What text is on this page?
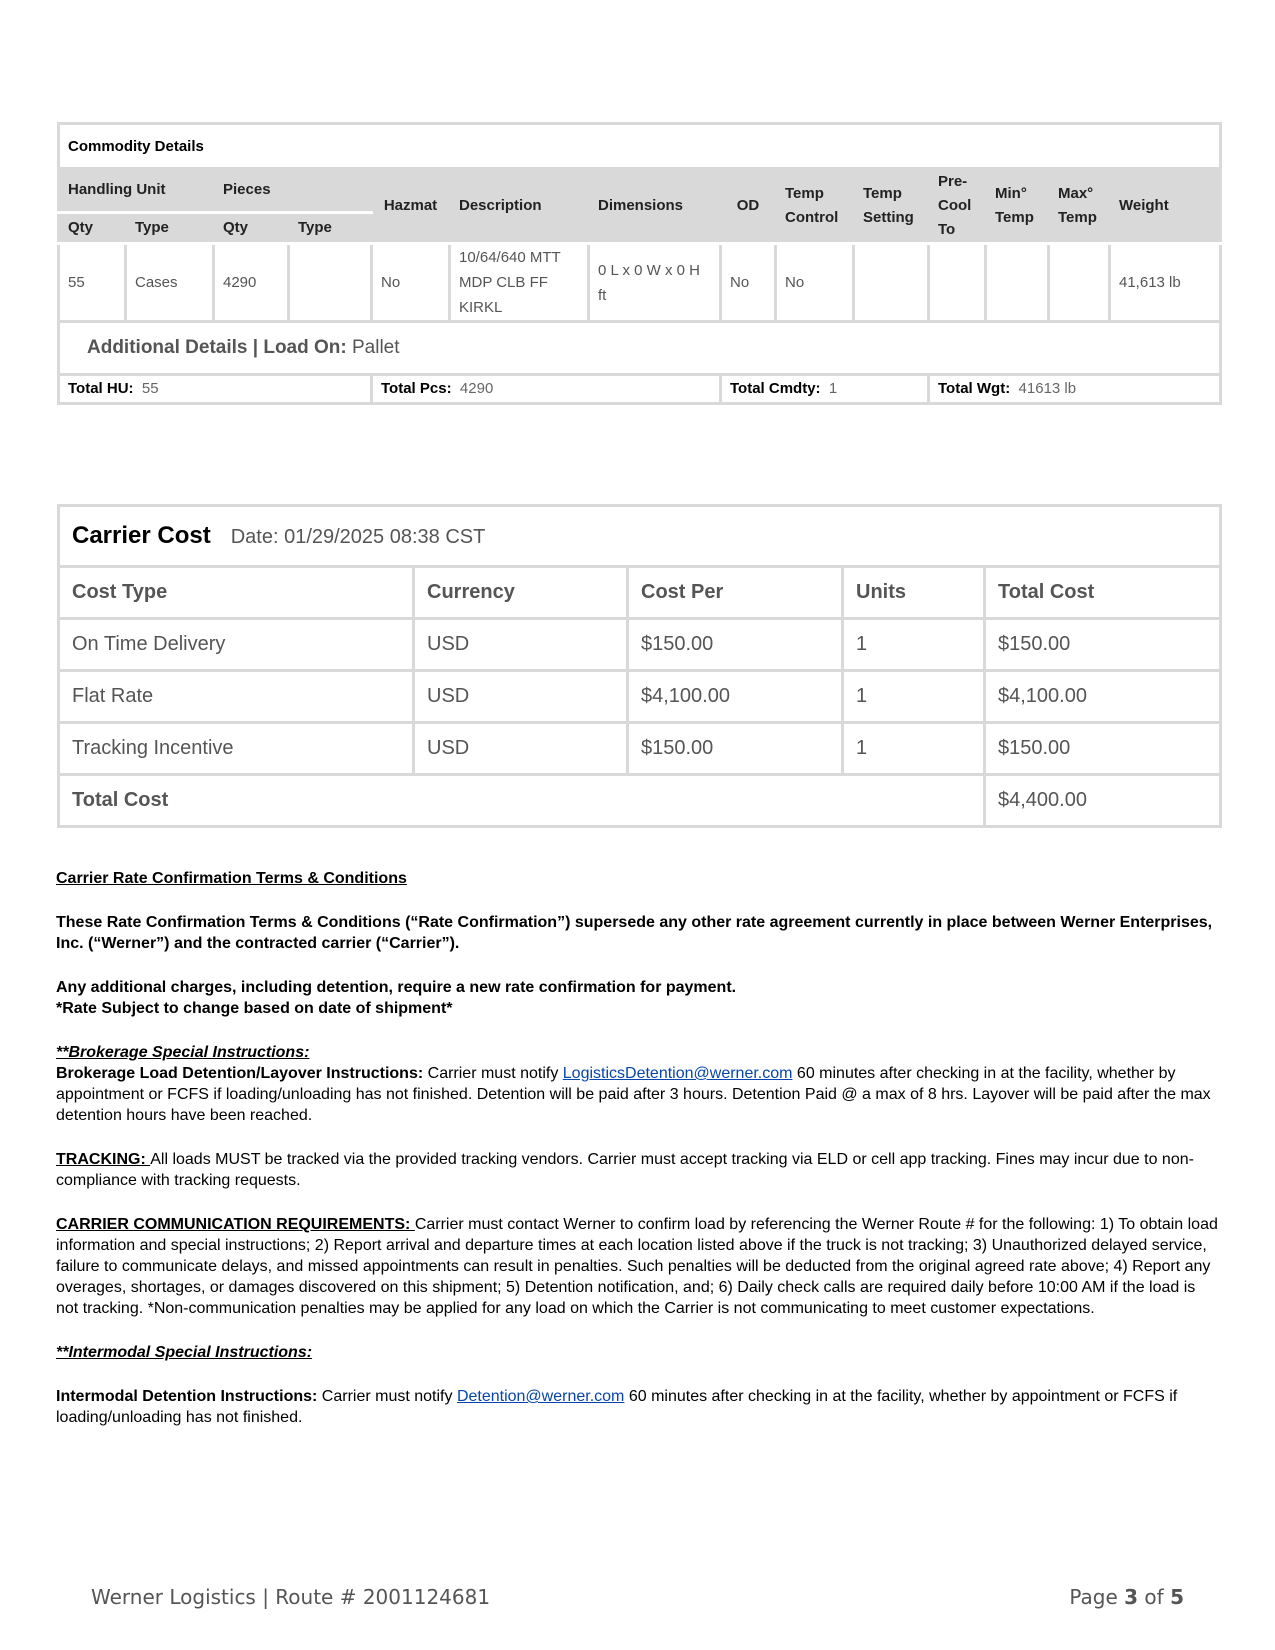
Commodity Details													
Handling Unit		Pieces		Hazmat	Description	Dimensions	OD	Temp Control	Temp Setting	Pre-Cool To	Min° Temp	Max° Temp	Weight
Qty	Type	Qty	Type										
55	Cases	4290		No	10/64/640 MTT MDP CLB FF KIRKL	0 L x 0 W x 0 H ft	No	No					41,613 lb
Additional Details | Load On: Pallet													
Total HU: 55				Total Pcs: 4290			Total Cmdty: 1			Total Wgt: 41613 lb			
Carrier Cost Date: 01/29/2025 08:38 CST				
Cost Type	Currency	Cost Per	Units	Total Cost
On Time Delivery	USD	$150.00	1	$150.00
Flat Rate	USD	$4,100.00	1	$4,100.00
Tracking Incentive	USD	$150.00	1	$150.00
Total Cost				$4,400.00

Carrier Rate Confirmation Terms & Conditions

These Rate Confirmation Terms & Conditions (“Rate Confirmation”) supersede any other rate agreement currently in place between Werner Enterprises, Inc. (“Werner”) and the contracted carrier (“Carrier”).

Any additional charges, including detention, require a new rate confirmation for payment.

*Rate Subject to change based on date of shipment*

**Brokerage Special Instructions:

Brokerage Load Detention/Layover Instructions: Carrier must notify LogisticsDetention@werner.com 60 minutes after checking in at the facility, whether by appointment or FCFS if loading/unloading has not finished. Detention will be paid after 3 hours. Detention Paid @ a max of 8 hrs. Layover will be paid after the max detention hours have been reached.

TRACKING: All loads MUST be tracked via the provided tracking vendors. Carrier must accept tracking via ELD or cell app tracking. Fines may incur due to non-compliance with tracking requests.

CARRIER COMMUNICATION REQUIREMENTS: Carrier must contact Werner to confirm load by referencing the Werner Route # for the following: 1) To obtain load information and special instructions; 2) Report arrival and departure times at each location listed above if the truck is not tracking; 3) Unauthorized delayed service, failure to communicate delays, and missed appointments can result in penalties. Such penalties will be deducted from the original agreed rate above; 4) Report any overages, shortages, or damages discovered on this shipment; 5) Detention notification, and; 6) Daily check calls are required daily before 10:00 AM if the load is not tracking. *Non-communication penalties may be applied for any load on which the Carrier is not communicating to meet customer expectations.

**Intermodal Special Instructions:

Intermodal Detention Instructions: Carrier must notify Detention@werner.com 60 minutes after checking in at the facility, whether by appointment or FCFS if loading/unloading has not finished.

Werner Logistics | Route # 2001124681	Page 3 of 5
